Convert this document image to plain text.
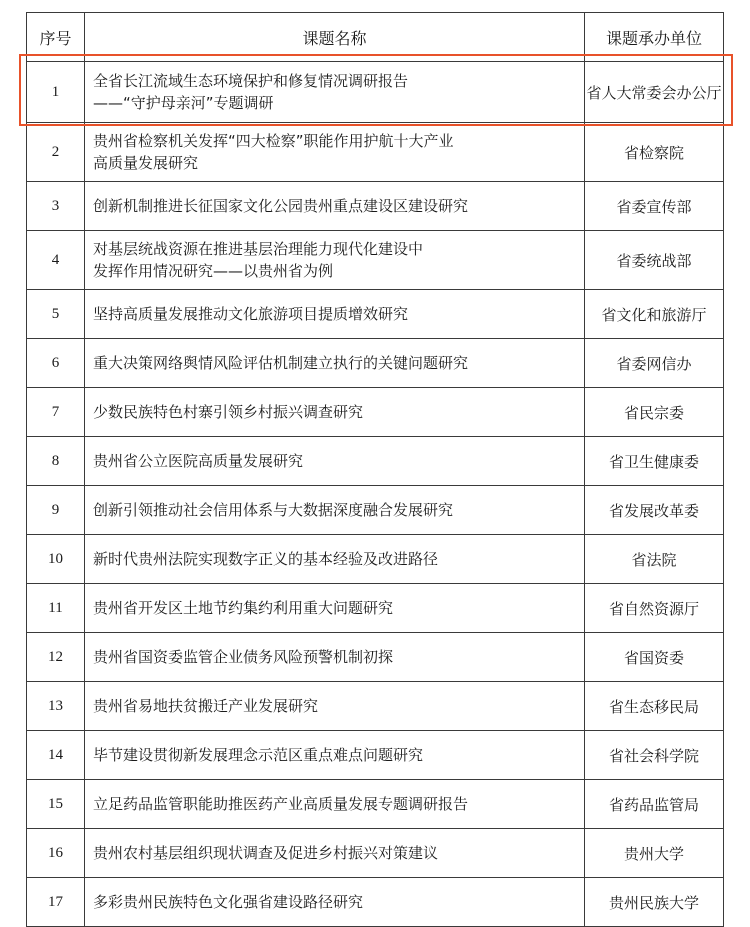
序号	课题名称	课题承办单位
1	全省长江流域生态环境保护和修复情况调研报告
——“守护母亲河”专题调研	省人大常委会办公厅
2	贵州省检察机关发挥“四大检察”职能作用护航十大产业
高质量发展研究	省检察院
3	创新机制推进长征国家文化公园贵州重点建设区建设研究	省委宣传部
4	对基层统战资源在推进基层治理能力现代化建设中
发挥作用情况研究——以贵州省为例	省委统战部
5	坚持高质量发展推动文化旅游项目提质增效研究	省文化和旅游厅
6	重大决策网络舆情风险评估机制建立执行的关键问题研究	省委网信办
7	少数民族特色村寨引领乡村振兴调查研究	省民宗委
8	贵州省公立医院高质量发展研究	省卫生健康委
9	创新引领推动社会信用体系与大数据深度融合发展研究	省发展改革委
10	新时代贵州法院实现数字正义的基本经验及改进路径	省法院
11	贵州省开发区土地节约集约利用重大问题研究	省自然资源厅
12	贵州省国资委监管企业债务风险预警机制初探	省国资委
13	贵州省易地扶贫搬迁产业发展研究	省生态移民局
14	毕节建设贯彻新发展理念示范区重点难点问题研究	省社会科学院
15	立足药品监管职能助推医药产业高质量发展专题调研报告	省药品监管局
16	贵州农村基层组织现状调查及促进乡村振兴对策建议	贵州大学
17	多彩贵州民族特色文化强省建设路径研究	贵州民族大学
